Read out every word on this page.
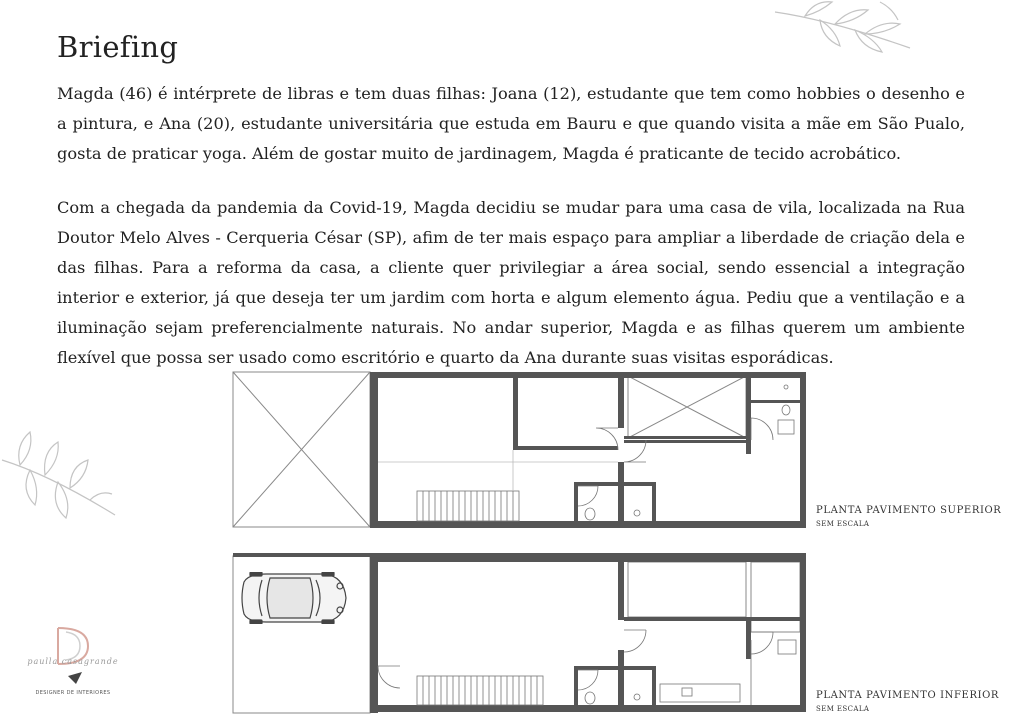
Briefing

Magda (46) é intérprete de libras e tem duas filhas: Joana (12), estudante que tem como hobbies o desenho e a pintura, e Ana (20), estudante universitária que estuda em Bauru e que quando visita a mãe em São Pualo, gosta de praticar yoga. Além de gostar muito de jardinagem, Magda é praticante de tecido acrobático.

Com a chegada da pandemia da Covid-19, Magda decidiu se mudar para uma casa de vila, localizada na Rua Doutor Melo Alves - Cerqueria César (SP), afim de ter mais espaço para ampliar a liberdade de criação dela e das filhas. Para a reforma da casa, a cliente quer privilegiar a área social, sendo essencial a integração interior e exterior, já que deseja ter um jardim com horta e algum elemento água. Pediu que a ventilação e a iluminação sejam preferencialmente naturais. No andar superior, Magda e as filhas querem um ambiente flexível que possa ser usado como escritório e quarto da Ana durante suas visitas esporádicas.

PLANTA PAVIMENTO SUPERIOR
SEM ESCALA
PLANTA PAVIMENTO INFERIOR
SEM ESCALA
paulla casagrande
DESIGNER DE INTERIORES
